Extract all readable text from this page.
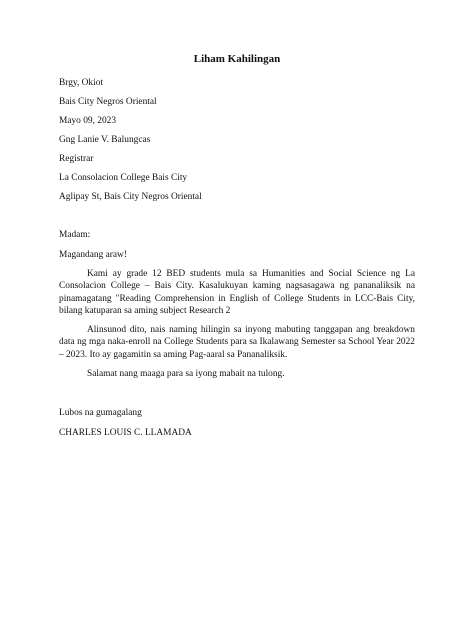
Liham Kahilingan
Brgy, Okiot
Bais City Negros Oriental
Mayo 09, 2023
Gng Lanie V. Balungcas
Registrar
La Consolacion College Bais City
Aglipay St, Bais City Negros Oriental
Madam:
Magandang araw!
Kami ay grade 12 BED students mula sa Humanities and Social Science ng La Consolacion College – Bais City. Kasalukuyan kaming nagsasagawa ng pananaliksik na pinamagatang "Reading Comprehension in English of College Students in LCC-Bais City, bilang katuparan sa aming subject Research 2
Alinsunod dito, nais naming hilingin sa inyong mabuting tanggapan ang breakdown data ng mga naka-enroll na College Students para sa Ikalawang Semester sa School Year 2022 – 2023. Ito ay gagamitin sa aming Pag-aaral sa Pananaliksik.
Salamat nang maaga para sa iyong mabait na tulong.
Lubos na gumagalang
CHARLES LOUIS C. LLAMADA
